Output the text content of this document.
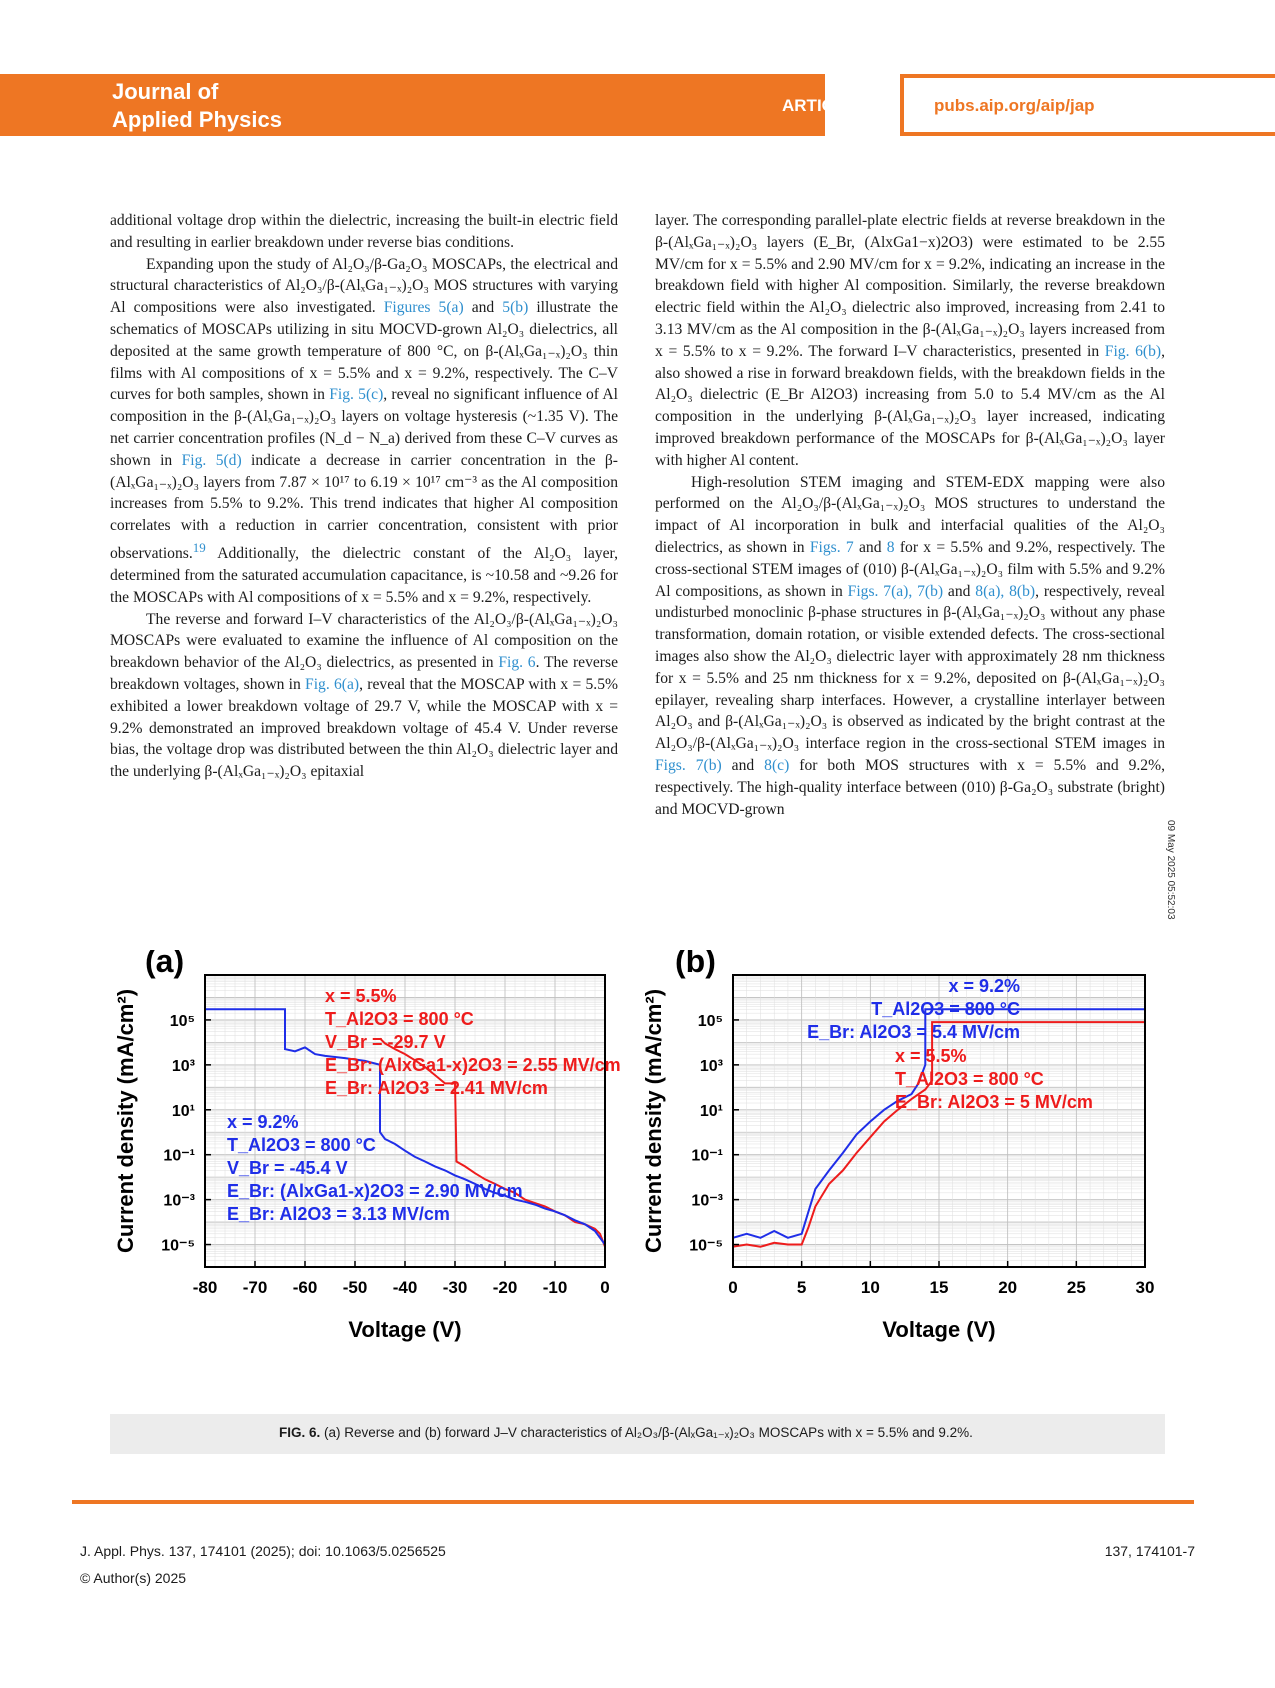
Journal of
Applied Physics
ARTICLE	pubs.aip.org/aip/jap

additional voltage drop within the dielectric, increasing the built-in electric field and resulting in earlier breakdown under reverse bias conditions.

Expanding upon the study of Al₂O₃/β-Ga₂O₃ MOSCAPs, the electrical and structural characteristics of Al₂O₃/β-(AlₓGa₁₋ₓ)₂O₃ MOS structures with varying Al compositions were also investigated. Figures 5(a) and 5(b) illustrate the schematics of MOSCAPs utilizing in situ MOCVD-grown Al₂O₃ dielectrics, all deposited at the same growth temperature of 800 °C, on β-(AlₓGa₁₋ₓ)₂O₃ thin films with Al compositions of x = 5.5% and x = 9.2%, respectively. The C–V curves for both samples, shown in Fig. 5(c), reveal no significant influence of Al composition in the β-(AlₓGa₁₋ₓ)₂O₃ layers on voltage hysteresis (~1.35 V). The net carrier concentration profiles (N_d − N_a) derived from these C–V curves as shown in Fig. 5(d) indicate a decrease in carrier concentration in the β-(AlₓGa₁₋ₓ)₂O₃ layers from 7.87 × 10¹⁷ to 6.19 × 10¹⁷ cm⁻³ as the Al composition increases from 5.5% to 9.2%. This trend indicates that higher Al composition correlates with a reduction in carrier concentration, consistent with prior observations.$^{19}$ Additionally, the dielectric constant of the Al₂O₃ layer, determined from the saturated accumulation capacitance, is ~10.58 and ~9.26 for the MOSCAPs with Al compositions of x = 5.5% and x = 9.2%, respectively.

The reverse and forward I–V characteristics of the Al₂O₃/β-(AlₓGa₁₋ₓ)₂O₃ MOSCAPs were evaluated to examine the influence of Al composition on the breakdown behavior of the Al₂O₃ dielectrics, as presented in Fig. 6. The reverse breakdown voltages, shown in Fig. 6(a), reveal that the MOSCAP with x = 5.5% exhibited a lower breakdown voltage of 29.7 V, while the MOSCAP with x = 9.2% demonstrated an improved breakdown voltage of 45.4 V. Under reverse bias, the voltage drop was distributed between the thin Al₂O₃ dielectric layer and the underlying β-(AlₓGa₁₋ₓ)₂O₃ epitaxial

layer. The corresponding parallel-plate electric fields at reverse breakdown in the β-(AlₓGa₁₋ₓ)₂O₃ layers (E_Br, (AlxGa1−x)2O3) were estimated to be 2.55 MV/cm for x = 5.5% and 2.90 MV/cm for x = 9.2%, indicating an increase in the breakdown field with higher Al composition. Similarly, the reverse breakdown electric field within the Al₂O₃ dielectric also improved, increasing from 2.41 to 3.13 MV/cm as the Al composition in the β-(AlₓGa₁₋ₓ)₂O₃ layers increased from x = 5.5% to x = 9.2%. The forward I–V characteristics, presented in Fig. 6(b), also showed a rise in forward breakdown fields, with the breakdown fields in the Al₂O₃ dielectric (E_Br Al2O3) increasing from 5.0 to 5.4 MV/cm as the Al composition in the underlying β-(AlₓGa₁₋ₓ)₂O₃ layer increased, indicating improved breakdown performance of the MOSCAPs for β-(AlₓGa₁₋ₓ)₂O₃ layer with higher Al content.

High-resolution STEM imaging and STEM-EDX mapping were also performed on the Al₂O₃/β-(AlₓGa₁₋ₓ)₂O₃ MOS structures to understand the impact of Al incorporation in bulk and interfacial qualities of the Al₂O₃ dielectrics, as shown in Figs. 7 and 8 for x = 5.5% and 9.2%, respectively. The cross-sectional STEM images of (010) β-(AlₓGa₁₋ₓ)₂O₃ film with 5.5% and 9.2% Al compositions, as shown in Figs. 7(a), 7(b) and 8(a), 8(b), respectively, reveal undisturbed monoclinic β-phase structures in β-(AlₓGa₁₋ₓ)₂O₃ without any phase transformation, domain rotation, or visible extended defects. The cross-sectional images also show the Al₂O₃ dielectric layer with approximately 28 nm thickness for x = 5.5% and 25 nm thickness for x = 9.2%, deposited on β-(AlₓGa₁₋ₓ)₂O₃ epilayer, revealing sharp interfaces. However, a crystalline interlayer between Al₂O₃ and β-(AlₓGa₁₋ₓ)₂O₃ is observed as indicated by the bright contrast at the Al₂O₃/β-(AlₓGa₁₋ₓ)₂O₃ interface region in the cross-sectional STEM images in Figs. 7(b) and 8(c) for both MOS structures with x = 5.5% and 9.2%, respectively. The high-quality interface between (010) β-Ga₂O₃ substrate (bright) and MOCVD-grown

09 May 2025 05:52:03
-80 -70 -60 -50 -40 -30 -20 -10 0
10⁵
10³
10¹
10⁻¹
10⁻³
10⁻⁵
Voltage (V)
Current density (mA/cm²)
(a)
x = 5.5%
T_Al2O3 = 800 °C
V_Br = -29.7 V
E_Br: (AlxGa1-x)2O3 = 2.55 MV/cm
E_Br: Al2O3 = 2.41 MV/cm
x = 9.2%
T_Al2O3 = 800 °C
V_Br = -45.4 V
E_Br: (AlxGa1-x)2O3 = 2.90 MV/cm
E_Br: Al2O3 = 3.13 MV/cm
0	5	10	15	20	25	30
10⁵
10³
10¹
10⁻¹
10⁻³
10⁻⁵
Voltage (V)
Current density (mA/cm²)
(b)
x = 9.2%
T_Al2O3 = 800 °C
E_Br: Al2O3 = 5.4 MV/cm
x = 5.5%
T_Al2O3 = 800 °C
E_Br: Al2O3 = 5 MV/cm
FIG. 6. (a) Reverse and (b) forward J–V characteristics of Al₂O₃/β-(AlₓGa₁₋ₓ)₂O₃ MOSCAPs with x = 5.5% and 9.2%.
J. Appl. Phys. 137, 174101 (2025); doi: 10.1063/5.0256525
© Author(s) 2025
137, 174101-7
